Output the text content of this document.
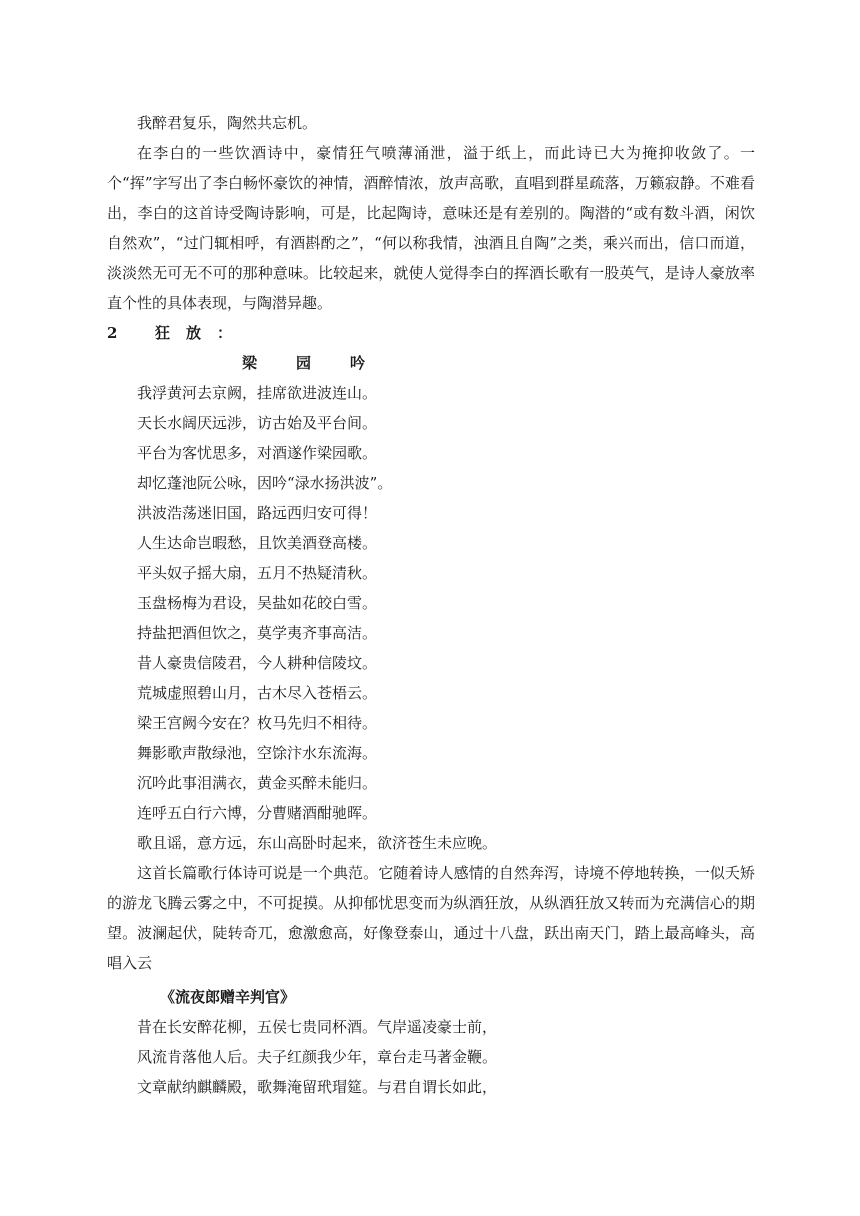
我醉君复乐，陶然共忘机。

在李白的一些饮酒诗中，豪情狂气喷薄涌泄，溢于纸上，而此诗已大为掩抑收敛了。一个“挥”字写出了李白畅怀豪饮的神情，酒醉情浓，放声高歌，直唱到群星疏落，万籁寂静。不难看出，李白的这首诗受陶诗影响，可是，比起陶诗，意味还是有差别的。陶潜的“或有数斗酒，闲饮自然欢”，“过门辄相呼，有酒斟酌之”，“何以称我情，浊酒且自陶”之类，乘兴而出，信口而道，淡淡然无可无不可的那种意味。比较起来，就使人觉得李白的挥酒长歌有一股英气，是诗人豪放率直个性的具体表现，与陶潜异趣。

2	狂放：

梁	园	吟

我浮黄河去京阙，挂席欲进波连山。

天长水阔厌远涉，访古始及平台间。

平台为客忧思多，对酒遂作梁园歌。

却忆蓬池阮公咏，因吟“渌水扬洪波”。

洪波浩荡迷旧国，路远西归安可得！

人生达命岂暇愁，且饮美酒登高楼。

平头奴子摇大扇，五月不热疑清秋。

玉盘杨梅为君设，吴盐如花皎白雪。

持盐把酒但饮之，莫学夷齐事高洁。

昔人豪贵信陵君，今人耕种信陵坟。

荒城虚照碧山月，古木尽入苍梧云。

梁王宫阙今安在？枚马先归不相待。

舞影歌声散绿池，空馀汴水东流海。

沉吟此事泪满衣，黄金买醉未能归。

连呼五白行六博，分曹赌酒酣驰晖。

歌且谣，意方远，东山高卧时起来，欲济苍生未应晚。

这首长篇歌行体诗可说是一个典范。它随着诗人感情的自然奔泻，诗境不停地转换，一似夭矫的游龙飞腾云雾之中，不可捉摸。从抑郁忧思变而为纵酒狂放，从纵酒狂放又转而为充满信心的期望。波澜起伏，陡转奇兀，愈激愈高，好像登泰山，通过十八盘，跃出南天门，踏上最高峰头，高唱入云

《流夜郎赠辛判官》

昔在长安醉花柳，五侯七贵同杯酒。气岸遥凌豪士前，

风流肯落他人后。夫子红颜我少年，章台走马著金鞭。

文章献纳麒麟殿，歌舞淹留玳瑁筵。与君自谓长如此，
